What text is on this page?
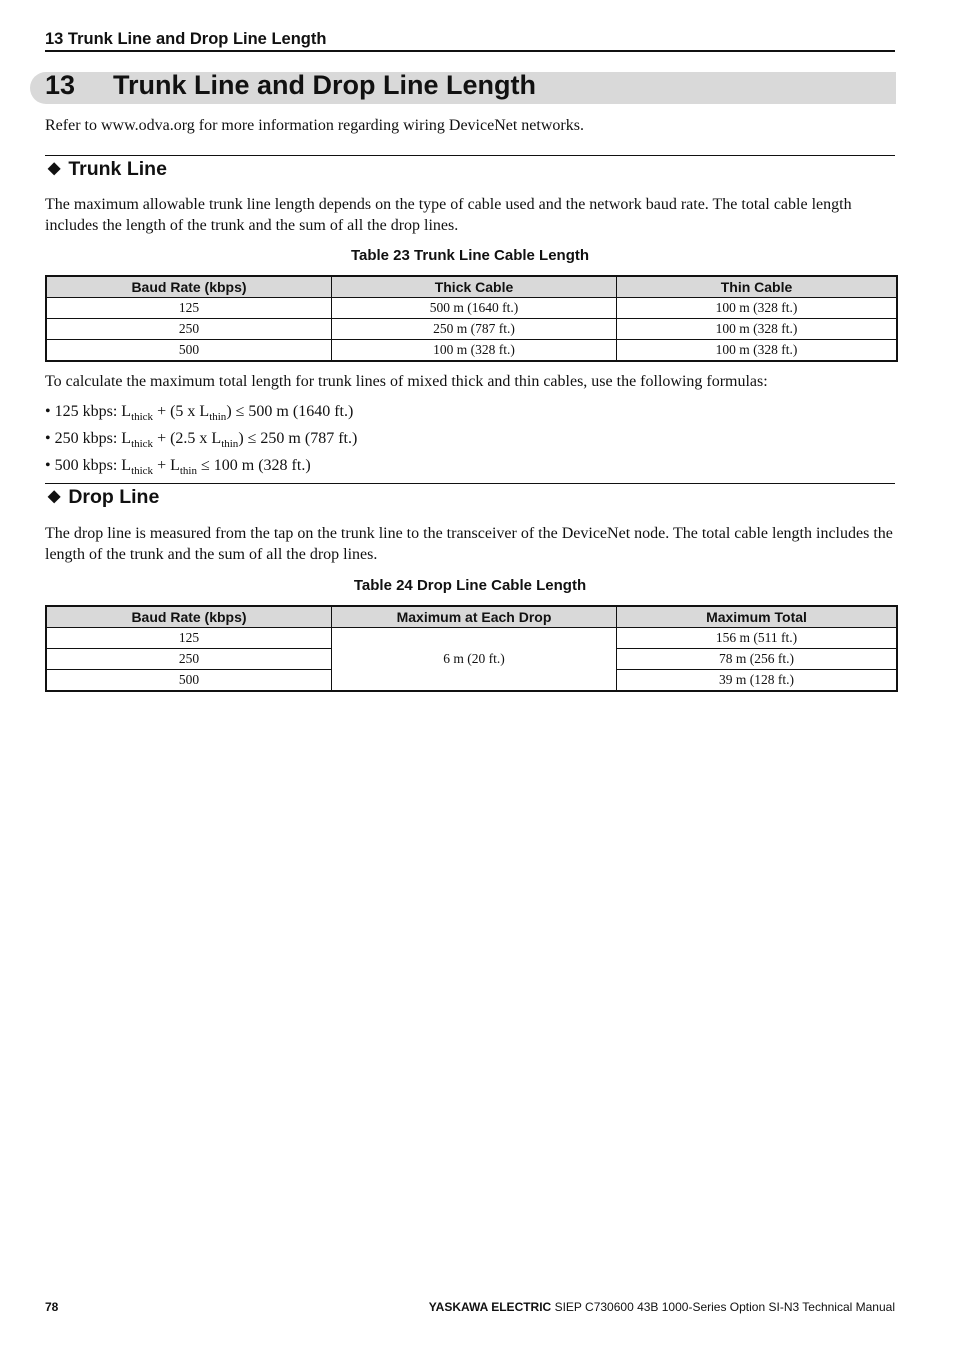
13 Trunk Line and Drop Line Length
13 Trunk Line and Drop Line Length
Refer to www.odva.org for more information regarding wiring DeviceNet networks.
◆ Trunk Line
The maximum allowable trunk line length depends on the type of cable used and the network baud rate. The total cable length includes the length of the trunk and the sum of all the drop lines.
Table 23 Trunk Line Cable Length
Baud Rate (kbps)	Thick Cable	Thin Cable
125	500 m (1640 ft.)	100 m (328 ft.)
250	250 m (787 ft.)	100 m (328 ft.)
500	100 m (328 ft.)	100 m (328 ft.)
To calculate the maximum total length for trunk lines of mixed thick and thin cables, use the following formulas:
• 125 kbps: $L_{thick} + (5$ x $L_{thin}) \le 500$ m (1640 ft.)
• 250 kbps: $L_{thick} + (2.5$ x $L_{thin}) \le 250$ m (787 ft.)
• 500 kbps: $L_{thick} + L_{thin} \le 100$ m (328 ft.)
◆ Drop Line
The drop line is measured from the tap on the trunk line to the transceiver of the DeviceNet node. The total cable length includes the length of the trunk and the sum of all the drop lines.
Table 24 Drop Line Cable Length
Baud Rate (kbps)	Maximum at Each Drop	Maximum Total
125	6 m (20 ft.)	156 m (511 ft.)
250		78 m (256 ft.)
500		39 m (128 ft.)
78	YASKAWA ELECTRIC SIEP C730600 43B 1000-Series Option SI-N3 Technical Manual
